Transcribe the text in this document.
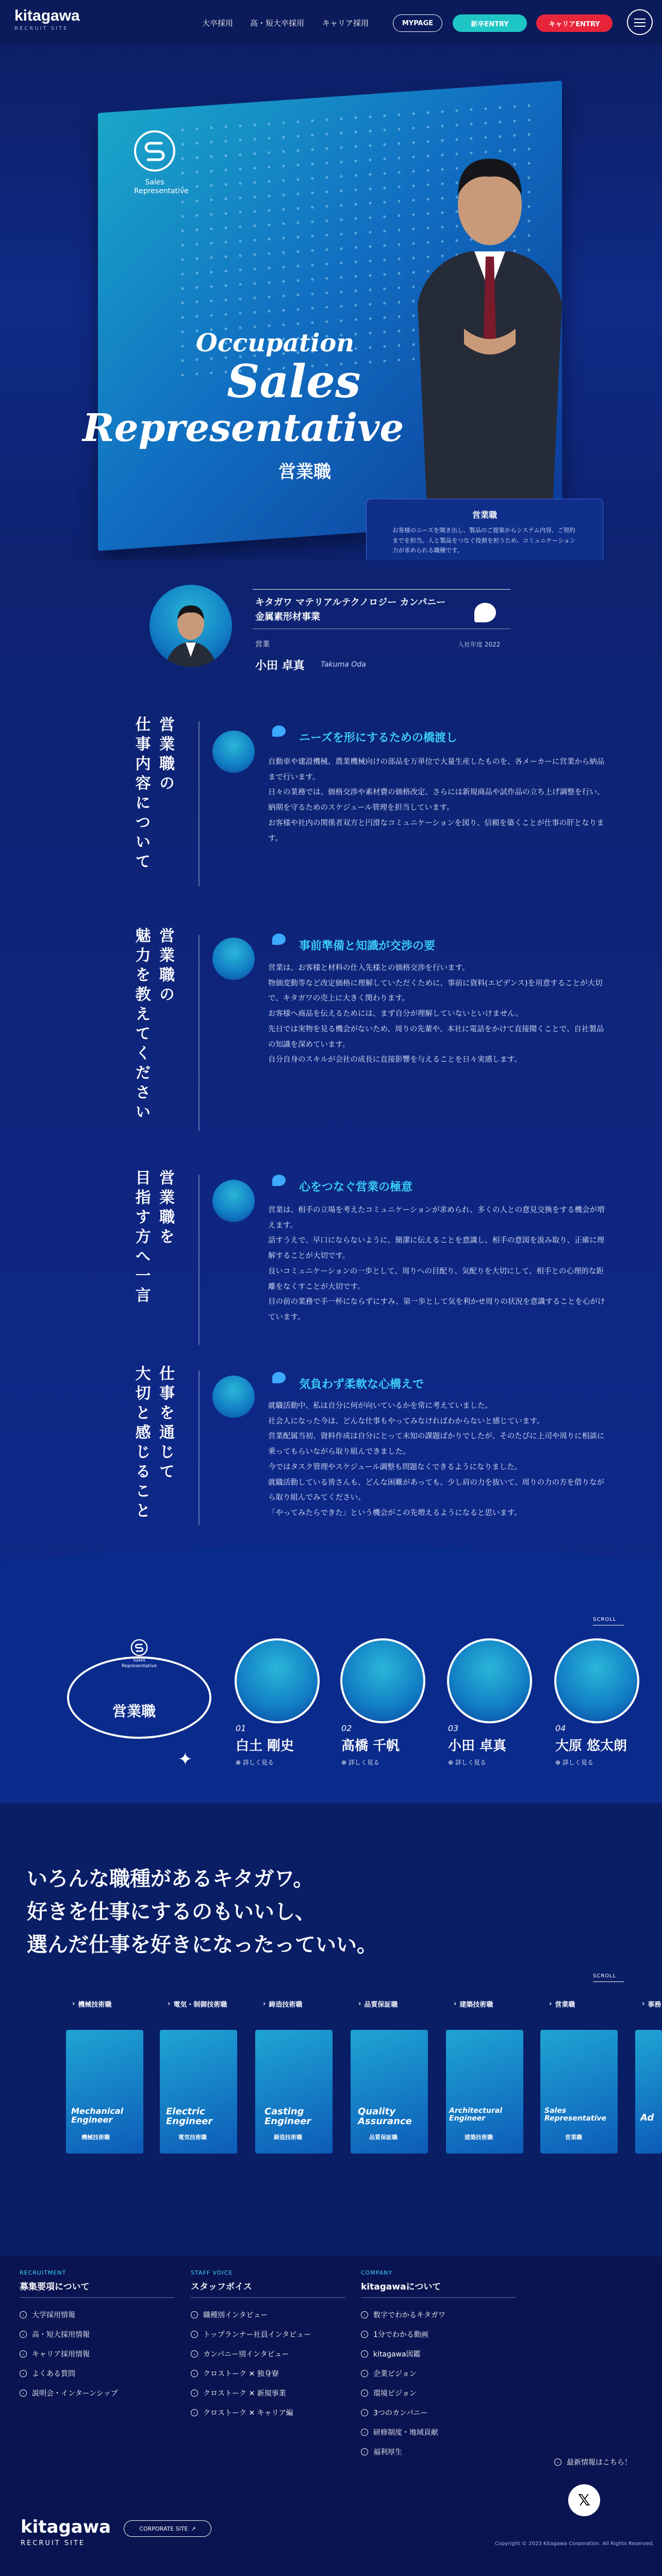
kitagawa
RECRUIT SITE
大卒採用 高・短大卒採用 キャリア採用	MYPAGE	新卒ENTRY	キャリアENTRY
Sales
Representative
Occupation
Sales
Representative
営業職
営業職
お客様のニーズを聞き出し、製品のご提案からシステム内容、ご契約までを担当。人と製品をつなぐ役割を担うため、コミュニケーション力が求められる職種です。
キタガワ マテリアルテクノロジー カンパニー
金属素形材事業
営業
小田 卓真 Takuma Oda
入社年度 2022
営業職の
仕事内容について	ニーズを形にするための橋渡し
自動車や建設機械、農業機械向けの部品を万単位で大量生産したものを、各メーカーに営業から納品まで行います。
日々の業務では、価格交渉や素材費の価格改定、さらには新規商品や試作品の立ち上げ調整を行い、納期を守るためのスケジュール管理を担当しています。
お客様や社内の関係者双方と円滑なコミュニケーションを図り、信頼を築くことが仕事の肝となります。
営業職の
魅力を教えてください	事前準備と知識が交渉の要
営業は、お客様と材料の仕入先様との価格交渉を行います。
物価変動等など改定価格に理解していただくために、事前に資料(エビデンス)を用意することが大切で、キタガワの売上に大きく関わります。
お客様へ商品を伝えるためには、まず自分が理解していないといけません。
先日では実物を見る機会がないため、周りの先輩や、本社に電話をかけて直接聞くことで、自社製品の知識を深めています。
自分自身のスキルが会社の成長に直接影響を与えることを日々実感します。
営業職を
目指す方へ一言	心をつなぐ営業の極意
営業は、相手の立場を考えたコミュニケーションが求められ、多くの人との意見交換をする機会が増えます。
話すうえで、早口にならないように、簡潔に伝えることを意識し、相手の意図を汲み取り、正確に理解することが大切です。
良いコミュニケーションの一歩として、周りへの目配り、気配りを大切にして、相手との心理的な距離をなくすことが大切です。
目の前の業務で手一杯にならずにすみ、第一歩として気を利かせ周りの状況を意識することを心がけています。
仕事を通じて
大切と感じること	気負わず柔軟な心構えで
就職活動中、私は自分に何が向いているかを常に考えていました。
社会人になった今は、どんな仕事もやってみなければわからないと感じています。
営業配属当初、資料作成は自分にとって未知の課題ばかりでしたが、そのたびに上司や周りに相談に乗ってもらいながら取り組んできました。
今ではタスク管理やスケジュール調整も問題なくできるようになりました。
就職活動している皆さんも、どんな困難があっても、少し肩の力を抜いて、周りの力の方を借りながら取り組んでみてください。
「やってみたらできた」という機会がこの先増えるようになると思います。
SCROLL
Sales
Representative
営業職
✦
01
白土 剛史
⊕ 詳しく見る
02
高橋 千帆
⊕ 詳しく見る
03
小田 卓真
⊕ 詳しく見る
04
大原 悠太朗
⊕ 詳しく見る
いろんな職種があるキタガワ。
好きを仕事にするのもいいし、
選んだ仕事を好きになったっていい。
SCROLL
› 機械技術職
Mechanical
Engineer
機械技術職
› 電気・制御技術職
Electric
Engineer
電気技術職
› 鋳造技術職
Casting
Engineer
鋳造技術職
› 品質保証職
Quality
Assurance
品質保証職
› 建築技術職
Architectural
Engineer
建築技術職
› 営業職
Sales
Representative
営業職
› 事務
Ad
RECRUITMENT
募集要項について
›	大学採用情報
›	高・短大採用情報
›	キャリア採用情報
›	よくある質問
›	説明会・インターンシップ
STAFF VOICE
スタッフボイス
›	職種別インタビュー
›	トップランナー社員インタビュー
›	カンパニー別インタビュー
›	クロストーク ✕ 独身寮
›	クロストーク ✕ 新規事業
›	クロストーク ✕ キャリア編
COMPANY
kitagawaについて
›	数字でわかるキタガワ
›	1分でわかる動画
›	kitagawa図鑑
›	企業ビジョン
›	環境ビジョン
›	3つのカンパニー
›	研修制度・地域貢献
›	福利厚生
›	最新情報はこちら！
𝕏
kitagawa
RECRUIT SITE
CORPORATE SITE ↗
Copyright © 2023 Kitagawa Corporation. All Rights Reserved.
